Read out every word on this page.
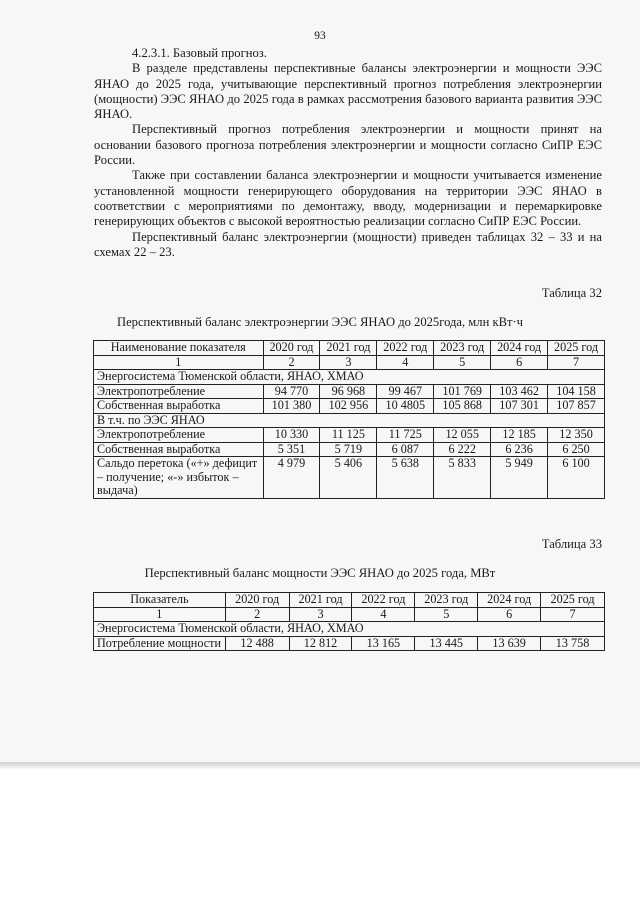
93

4.2.3.1. Базовый прогноз.

В разделе представлены перспективные балансы электроэнергии и мощности ЭЭС ЯНАО до 2025 года, учитывающие перспективный прогноз потребления электроэнергии (мощности) ЭЭС ЯНАО до 2025 года в рамках рассмотрения базового варианта развития ЭЭС ЯНАО.

Перспективный прогноз потребления электроэнергии и мощности принят на основании базового прогноза потребления электроэнергии и мощности согласно СиПР ЕЭС России.

Также при составлении баланса электроэнергии и мощности учитывается изменение установленной мощности генерирующего оборудования на территории ЭЭС ЯНАО в соответствии с мероприятиями по демонтажу, вводу, модернизации и перемаркировке генерирующих объектов с высокой вероятностью реализации согласно СиПР ЕЭС России.

Перспективный баланс электроэнергии (мощности) приведен таблицах 32 – 33 и на схемах 22 – 23.

Таблица 32
Перспективный баланс электроэнергии ЭЭС ЯНАО до 2025года, млн кВт·ч
Наименование показателя	2020 год	2021 год	2022 год	2023 год	2024 год	2025 год
1	2	3	4	5	6	7
Энергосистема Тюменской области, ЯНАО, ХМАО						
Электропотребление	94 770	96 968	99 467	101 769	103 462	104 158
Собственная выработка	101 380	102 956	10 4805	105 868	107 301	107 857
В т.ч. по ЭЭС ЯНАО						
Электропотребление	10 330	11 125	11 725	12 055	12 185	12 350
Собственная выработка	5 351	5 719	6 087	6 222	6 236	6 250
Сальдо перетока («+» дефицит – получение; «-» избыток – выдача)	4 979	5 406	5 638	5 833	5 949	6 100
Таблица 33
Перспективный баланс мощности ЭЭС ЯНАО до 2025 года, МВт
Показатель	2020 год	2021 год	2022 год	2023 год	2024 год	2025 год
1	2	3	4	5	6	7
Энергосистема Тюменской области, ЯНАО, ХМАО						
Потребление мощности	12 488	12 812	13 165	13 445	13 639	13 758
